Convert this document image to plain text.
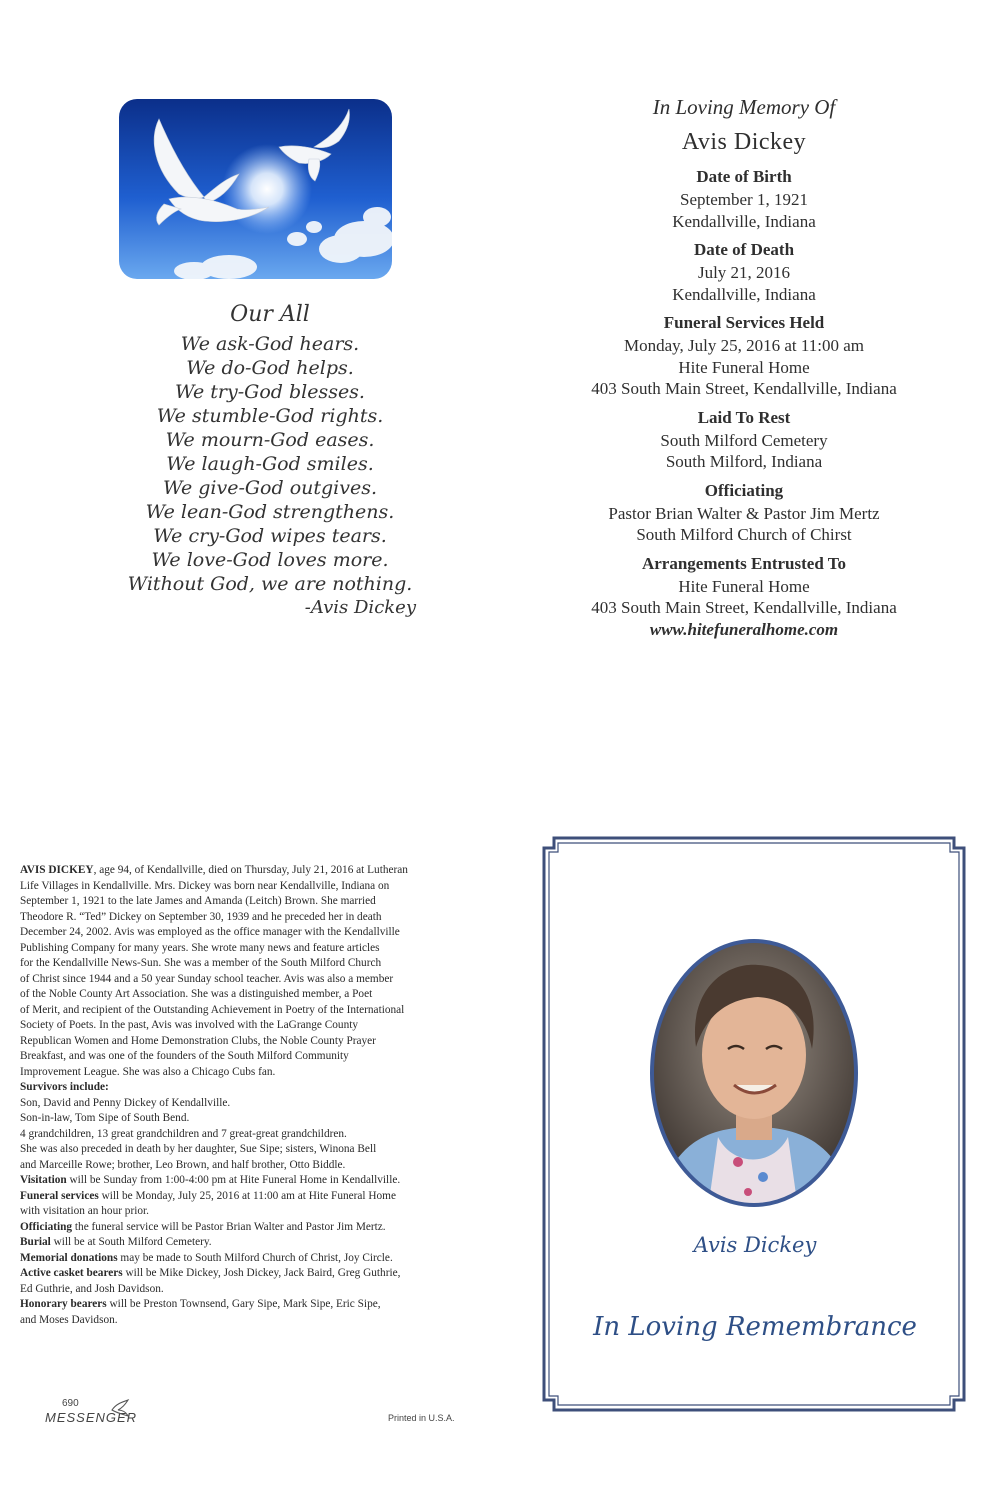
Our All
We ask-God hears.
We do-God helps.
We try-God blesses.
We stumble-God rights.
We mourn-God eases.
We laugh-God smiles.
We give-God outgives.
We lean-God strengthens.
We cry-God wipes tears.
We love-God loves more.
Without God, we are nothing.
-Avis Dickey
In Loving Memory Of
Avis Dickey
Date of Birth
September 1, 1921
Kendallville, Indiana
Date of Death
July 21, 2016
Kendallville, Indiana
Funeral Services Held
Monday, July 25, 2016 at 11:00 am
Hite Funeral Home
403 South Main Street, Kendallville, Indiana
Laid To Rest
South Milford Cemetery
South Milford, Indiana
Officiating
Pastor Brian Walter & Pastor Jim Mertz
South Milford Church of Chirst
Arrangements Entrusted To
Hite Funeral Home
403 South Main Street, Kendallville, Indiana
www.hitefuneralhome.com

AVIS DICKEY, age 94, of Kendallville, died on Thursday, July 21, 2016 at Lutheran

Life Villages in Kendallville. Mrs. Dickey was born near Kendallville, Indiana on

September 1, 1921 to the late James and Amanda (Leitch) Brown. She married

Theodore R. “Ted” Dickey on September 30, 1939 and he preceded her in death

December 24, 2002. Avis was employed as the office manager with the Kendallville

Publishing Company for many years. She wrote many news and feature articles

for the Kendallville News-Sun. She was a member of the South Milford Church

of Christ since 1944 and a 50 year Sunday school teacher. Avis was also a member

of the Noble County Art Association. She was a distinguished member, a Poet

of Merit, and recipient of the Outstanding Achievement in Poetry of the International

Society of Poets. In the past, Avis was involved with the LaGrange County

Republican Women and Home Demonstration Clubs, the Noble County Prayer

Breakfast, and was one of the founders of the South Milford Community

Improvement League. She was also a Chicago Cubs fan.

Survivors include:

Son, David and Penny Dickey of Kendallville.

Son-in-law, Tom Sipe of South Bend.

4 grandchildren, 13 great grandchildren and 7 great-great grandchildren.

She was also preceded in death by her daughter, Sue Sipe; sisters, Winona Bell

and Marceille Rowe; brother, Leo Brown, and half brother, Otto Biddle.

Visitation will be Sunday from 1:00-4:00 pm at Hite Funeral Home in Kendallville.

Funeral services will be Monday, July 25, 2016 at 11:00 am at Hite Funeral Home

with visitation an hour prior.

Officiating the funeral service will be Pastor Brian Walter and Pastor Jim Mertz.

Burial will be at South Milford Cemetery.

Memorial donations may be made to South Milford Church of Christ, Joy Circle.

Active casket bearers will be Mike Dickey, Josh Dickey, Jack Baird, Greg Guthrie,

Ed Guthrie, and Josh Davidson.

Honorary bearers will be Preston Townsend, Gary Sipe, Mark Sipe, Eric Sipe,

and Moses Davidson.

690
MESSENGER	Printed in U.S.A.
Avis Dickey
In Loving Remembrance
